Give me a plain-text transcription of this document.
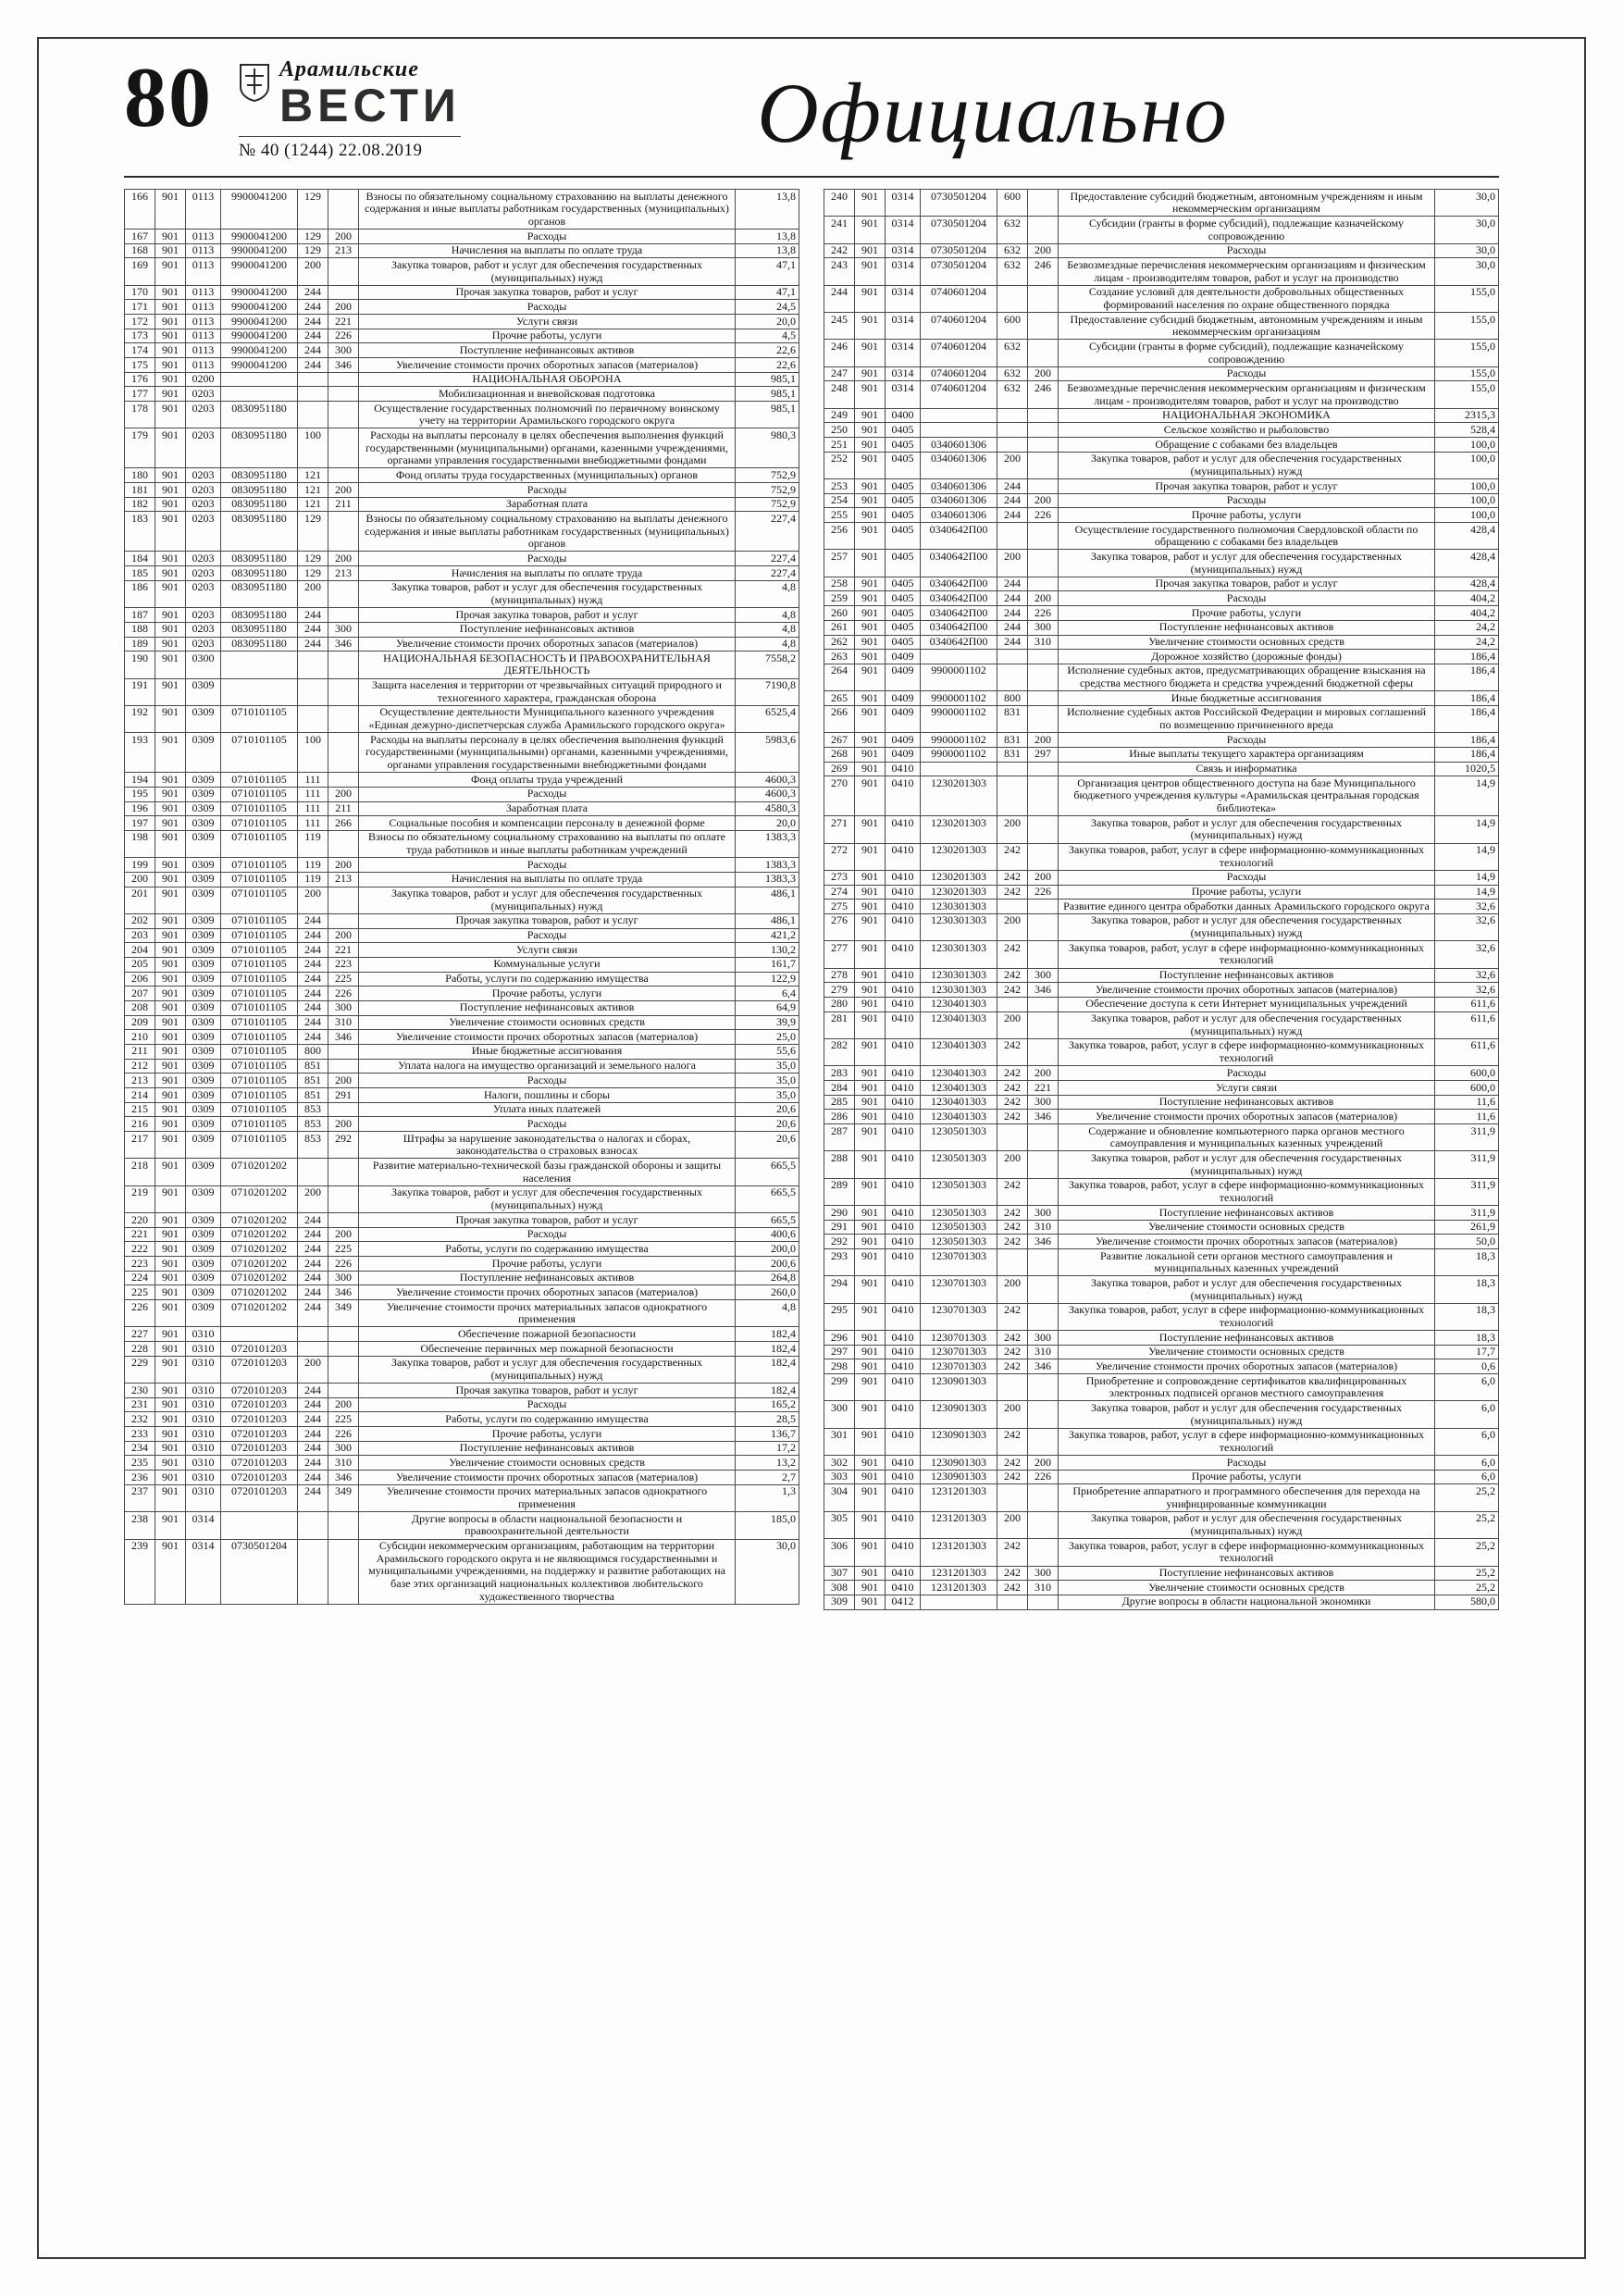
80	Арамильские
ВЕСТИ
№ 40 (1244) 22.08.2019	Официально
166	901	0113	9900041200	129		Взносы по обязательному социальному страхованию на выплаты денежного содержания и иные выплаты работникам государственных (муниципальных) органов	13,8
167	901	0113	9900041200	129	200	Расходы	13,8
168	901	0113	9900041200	129	213	Начисления на выплаты по оплате труда	13,8
169	901	0113	9900041200	200		Закупка товаров, работ и услуг для обеспечения государственных (муниципальных) нужд	47,1
170	901	0113	9900041200	244		Прочая закупка товаров, работ и услуг	47,1
171	901	0113	9900041200	244	200	Расходы	24,5
172	901	0113	9900041200	244	221	Услуги связи	20,0
173	901	0113	9900041200	244	226	Прочие работы, услуги	4,5
174	901	0113	9900041200	244	300	Поступление нефинансовых активов	22,6
175	901	0113	9900041200	244	346	Увеличение стоимости прочих оборотных запасов (материалов)	22,6
176	901	0200				НАЦИОНАЛЬНАЯ ОБОРОНА	985,1
177	901	0203				Мобилизационная и вневойсковая подготовка	985,1
178	901	0203	0830951180			Осуществление государственных полномочий по первичному воинскому учету на территории Арамильского городского округа	985,1
179	901	0203	0830951180	100		Расходы на выплаты персоналу в целях обеспечения выполнения функций государственными (муниципальными) органами, казенными учреждениями, органами управления государственными внебюджетными фондами	980,3
180	901	0203	0830951180	121		Фонд оплаты труда государственных (муниципальных) органов	752,9
181	901	0203	0830951180	121	200	Расходы	752,9
182	901	0203	0830951180	121	211	Заработная плата	752,9
183	901	0203	0830951180	129		Взносы по обязательному социальному страхованию на выплаты денежного содержания и иные выплаты работникам государственных (муниципальных) органов	227,4
184	901	0203	0830951180	129	200	Расходы	227,4
185	901	0203	0830951180	129	213	Начисления на выплаты по оплате труда	227,4
186	901	0203	0830951180	200		Закупка товаров, работ и услуг для обеспечения государственных (муниципальных) нужд	4,8
187	901	0203	0830951180	244		Прочая закупка товаров, работ и услуг	4,8
188	901	0203	0830951180	244	300	Поступление нефинансовых активов	4,8
189	901	0203	0830951180	244	346	Увеличение стоимости прочих оборотных запасов (материалов)	4,8
190	901	0300				НАЦИОНАЛЬНАЯ БЕЗОПАСНОСТЬ И ПРАВООХРАНИТЕЛЬНАЯ ДЕЯТЕЛЬНОСТЬ	7558,2
191	901	0309				Защита населения и территории от чрезвычайных ситуаций природного и техногенного характера, гражданская оборона	7190,8
192	901	0309	0710101105			Осуществление деятельности Муниципального казенного учреждения «Единая дежурно-диспетчерская служба Арамильского городского округа»	6525,4
193	901	0309	0710101105	100		Расходы на выплаты персоналу в целях обеспечения выполнения функций государственными (муниципальными) органами, казенными учреждениями, органами управления государственными внебюджетными фондами	5983,6
194	901	0309	0710101105	111		Фонд оплаты труда учреждений	4600,3
195	901	0309	0710101105	111	200	Расходы	4600,3
196	901	0309	0710101105	111	211	Заработная плата	4580,3
197	901	0309	0710101105	111	266	Социальные пособия и компенсации персоналу в денежной форме	20,0
198	901	0309	0710101105	119		Взносы по обязательному социальному страхованию на выплаты по оплате труда работников и иные выплаты работникам учреждений	1383,3
199	901	0309	0710101105	119	200	Расходы	1383,3
200	901	0309	0710101105	119	213	Начисления на выплаты по оплате труда	1383,3
201	901	0309	0710101105	200		Закупка товаров, работ и услуг для обеспечения государственных (муниципальных) нужд	486,1
202	901	0309	0710101105	244		Прочая закупка товаров, работ и услуг	486,1
203	901	0309	0710101105	244	200	Расходы	421,2
204	901	0309	0710101105	244	221	Услуги связи	130,2
205	901	0309	0710101105	244	223	Коммунальные услуги	161,7
206	901	0309	0710101105	244	225	Работы, услуги по содержанию имущества	122,9
207	901	0309	0710101105	244	226	Прочие работы, услуги	6,4
208	901	0309	0710101105	244	300	Поступление нефинансовых активов	64,9
209	901	0309	0710101105	244	310	Увеличение стоимости основных средств	39,9
210	901	0309	0710101105	244	346	Увеличение стоимости прочих оборотных запасов (материалов)	25,0
211	901	0309	0710101105	800		Иные бюджетные ассигнования	55,6
212	901	0309	0710101105	851		Уплата налога на имущество организаций и земельного налога	35,0
213	901	0309	0710101105	851	200	Расходы	35,0
214	901	0309	0710101105	851	291	Налоги, пошлины и сборы	35,0
215	901	0309	0710101105	853		Уплата иных платежей	20,6
216	901	0309	0710101105	853	200	Расходы	20,6
217	901	0309	0710101105	853	292	Штрафы за нарушение законодательства о налогах и сборах, законодательства о страховых взносах	20,6
218	901	0309	0710201202			Развитие материально-технической базы гражданской обороны и защиты населения	665,5
219	901	0309	0710201202	200		Закупка товаров, работ и услуг для обеспечения государственных (муниципальных) нужд	665,5
220	901	0309	0710201202	244		Прочая закупка товаров, работ и услуг	665,5
221	901	0309	0710201202	244	200	Расходы	400,6
222	901	0309	0710201202	244	225	Работы, услуги по содержанию имущества	200,0
223	901	0309	0710201202	244	226	Прочие работы, услуги	200,6
224	901	0309	0710201202	244	300	Поступление нефинансовых активов	264,8
225	901	0309	0710201202	244	346	Увеличение стоимости прочих оборотных запасов (материалов)	260,0
226	901	0309	0710201202	244	349	Увеличение стоимости прочих материальных запасов однократного применения	4,8
227	901	0310				Обеспечение пожарной безопасности	182,4
228	901	0310	0720101203			Обеспечение первичных мер пожарной безопасности	182,4
229	901	0310	0720101203	200		Закупка товаров, работ и услуг для обеспечения государственных (муниципальных) нужд	182,4
230	901	0310	0720101203	244		Прочая закупка товаров, работ и услуг	182,4
231	901	0310	0720101203	244	200	Расходы	165,2
232	901	0310	0720101203	244	225	Работы, услуги по содержанию имущества	28,5
233	901	0310	0720101203	244	226	Прочие работы, услуги	136,7
234	901	0310	0720101203	244	300	Поступление нефинансовых активов	17,2
235	901	0310	0720101203	244	310	Увеличение стоимости основных средств	13,2
236	901	0310	0720101203	244	346	Увеличение стоимости прочих оборотных запасов (материалов)	2,7
237	901	0310	0720101203	244	349	Увеличение стоимости прочих материальных запасов однократного применения	1,3
238	901	0314				Другие вопросы в области национальной безопасности и правоохранительной деятельности	185,0
239	901	0314	0730501204			Субсидии некоммерческим организациям, работающим на территории Арамильского городского округа и не являющимся государственными и муниципальными учреждениями, на поддержку и развитие работающих на базе этих организаций национальных коллективов любительского художественного творчества	30,0
240	901	0314	0730501204	600		Предоставление субсидий бюджетным, автономным учреждениям и иным некоммерческим организациям	30,0
241	901	0314	0730501204	632		Субсидии (гранты в форме субсидий), подлежащие казначейскому сопровождению	30,0
242	901	0314	0730501204	632	200	Расходы	30,0
243	901	0314	0730501204	632	246	Безвозмездные перечисления некоммерческим организациям и физическим лицам - производителям товаров, работ и услуг на производство	30,0
244	901	0314	0740601204			Создание условий для деятельности добровольных общественных формирований населения по охране общественного порядка	155,0
245	901	0314	0740601204	600		Предоставление субсидий бюджетным, автономным учреждениям и иным некоммерческим организациям	155,0
246	901	0314	0740601204	632		Субсидии (гранты в форме субсидий), подлежащие казначейскому сопровождению	155,0
247	901	0314	0740601204	632	200	Расходы	155,0
248	901	0314	0740601204	632	246	Безвозмездные перечисления некоммерческим организациям и физическим лицам - производителям товаров, работ и услуг на производство	155,0
249	901	0400				НАЦИОНАЛЬНАЯ ЭКОНОМИКА	2315,3
250	901	0405				Сельское хозяйство и рыболовство	528,4
251	901	0405	0340601306			Обращение с собаками без владельцев	100,0
252	901	0405	0340601306	200		Закупка товаров, работ и услуг для обеспечения государственных (муниципальных) нужд	100,0
253	901	0405	0340601306	244		Прочая закупка товаров, работ и услуг	100,0
254	901	0405	0340601306	244	200	Расходы	100,0
255	901	0405	0340601306	244	226	Прочие работы, услуги	100,0
256	901	0405	0340642П00			Осуществление государственного полномочия Свердловской области по обращению с собаками без владельцев	428,4
257	901	0405	0340642П00	200		Закупка товаров, работ и услуг для обеспечения государственных (муниципальных) нужд	428,4
258	901	0405	0340642П00	244		Прочая закупка товаров, работ и услуг	428,4
259	901	0405	0340642П00	244	200	Расходы	404,2
260	901	0405	0340642П00	244	226	Прочие работы, услуги	404,2
261	901	0405	0340642П00	244	300	Поступление нефинансовых активов	24,2
262	901	0405	0340642П00	244	310	Увеличение стоимости основных средств	24,2
263	901	0409				Дорожное хозяйство (дорожные фонды)	186,4
264	901	0409	9900001102			Исполнение судебных актов, предусматривающих обращение взыскания на средства местного бюджета и средства учреждений бюджетной сферы	186,4
265	901	0409	9900001102	800		Иные бюджетные ассигнования	186,4
266	901	0409	9900001102	831		Исполнение судебных актов Российской Федерации и мировых соглашений по возмещению причиненного вреда	186,4
267	901	0409	9900001102	831	200	Расходы	186,4
268	901	0409	9900001102	831	297	Иные выплаты текущего характера организациям	186,4
269	901	0410				Связь и информатика	1020,5
270	901	0410	1230201303			Организация центров общественного доступа на базе Муниципального бюджетного учреждения культуры «Арамильская центральная городская библиотека»	14,9
271	901	0410	1230201303	200		Закупка товаров, работ и услуг для обеспечения государственных (муниципальных) нужд	14,9
272	901	0410	1230201303	242		Закупка товаров, работ, услуг в сфере информационно-коммуникационных технологий	14,9
273	901	0410	1230201303	242	200	Расходы	14,9
274	901	0410	1230201303	242	226	Прочие работы, услуги	14,9
275	901	0410	1230301303			Развитие единого центра обработки данных Арамильского городского округа	32,6
276	901	0410	1230301303	200		Закупка товаров, работ и услуг для обеспечения государственных (муниципальных) нужд	32,6
277	901	0410	1230301303	242		Закупка товаров, работ, услуг в сфере информационно-коммуникационных технологий	32,6
278	901	0410	1230301303	242	300	Поступление нефинансовых активов	32,6
279	901	0410	1230301303	242	346	Увеличение стоимости прочих оборотных запасов (материалов)	32,6
280	901	0410	1230401303			Обеспечение доступа к сети Интернет муниципальных учреждений	611,6
281	901	0410	1230401303	200		Закупка товаров, работ и услуг для обеспечения государственных (муниципальных) нужд	611,6
282	901	0410	1230401303	242		Закупка товаров, работ, услуг в сфере информационно-коммуникационных технологий	611,6
283	901	0410	1230401303	242	200	Расходы	600,0
284	901	0410	1230401303	242	221	Услуги связи	600,0
285	901	0410	1230401303	242	300	Поступление нефинансовых активов	11,6
286	901	0410	1230401303	242	346	Увеличение стоимости прочих оборотных запасов (материалов)	11,6
287	901	0410	1230501303			Содержание и обновление компьютерного парка органов местного самоуправления и муниципальных казенных учреждений	311,9
288	901	0410	1230501303	200		Закупка товаров, работ и услуг для обеспечения государственных (муниципальных) нужд	311,9
289	901	0410	1230501303	242		Закупка товаров, работ, услуг в сфере информационно-коммуникационных технологий	311,9
290	901	0410	1230501303	242	300	Поступление нефинансовых активов	311,9
291	901	0410	1230501303	242	310	Увеличение стоимости основных средств	261,9
292	901	0410	1230501303	242	346	Увеличение стоимости прочих оборотных запасов (материалов)	50,0
293	901	0410	1230701303			Развитие локальной сети органов местного самоуправления и муниципальных казенных учреждений	18,3
294	901	0410	1230701303	200		Закупка товаров, работ и услуг для обеспечения государственных (муниципальных) нужд	18,3
295	901	0410	1230701303	242		Закупка товаров, работ, услуг в сфере информационно-коммуникационных технологий	18,3
296	901	0410	1230701303	242	300	Поступление нефинансовых активов	18,3
297	901	0410	1230701303	242	310	Увеличение стоимости основных средств	17,7
298	901	0410	1230701303	242	346	Увеличение стоимости прочих оборотных запасов (материалов)	0,6
299	901	0410	1230901303			Приобретение и сопровождение сертификатов квалифицированных электронных подписей органов местного самоуправления	6,0
300	901	0410	1230901303	200		Закупка товаров, работ и услуг для обеспечения государственных (муниципальных) нужд	6,0
301	901	0410	1230901303	242		Закупка товаров, работ, услуг в сфере информационно-коммуникационных технологий	6,0
302	901	0410	1230901303	242	200	Расходы	6,0
303	901	0410	1230901303	242	226	Прочие работы, услуги	6,0
304	901	0410	1231201303			Приобретение аппаратного и программного обеспечения для перехода на унифицированные коммуникации	25,2
305	901	0410	1231201303	200		Закупка товаров, работ и услуг для обеспечения государственных (муниципальных) нужд	25,2
306	901	0410	1231201303	242		Закупка товаров, работ, услуг в сфере информационно-коммуникационных технологий	25,2
307	901	0410	1231201303	242	300	Поступление нефинансовых активов	25,2
308	901	0410	1231201303	242	310	Увеличение стоимости основных средств	25,2
309	901	0412				Другие вопросы в области национальной экономики	580,0
